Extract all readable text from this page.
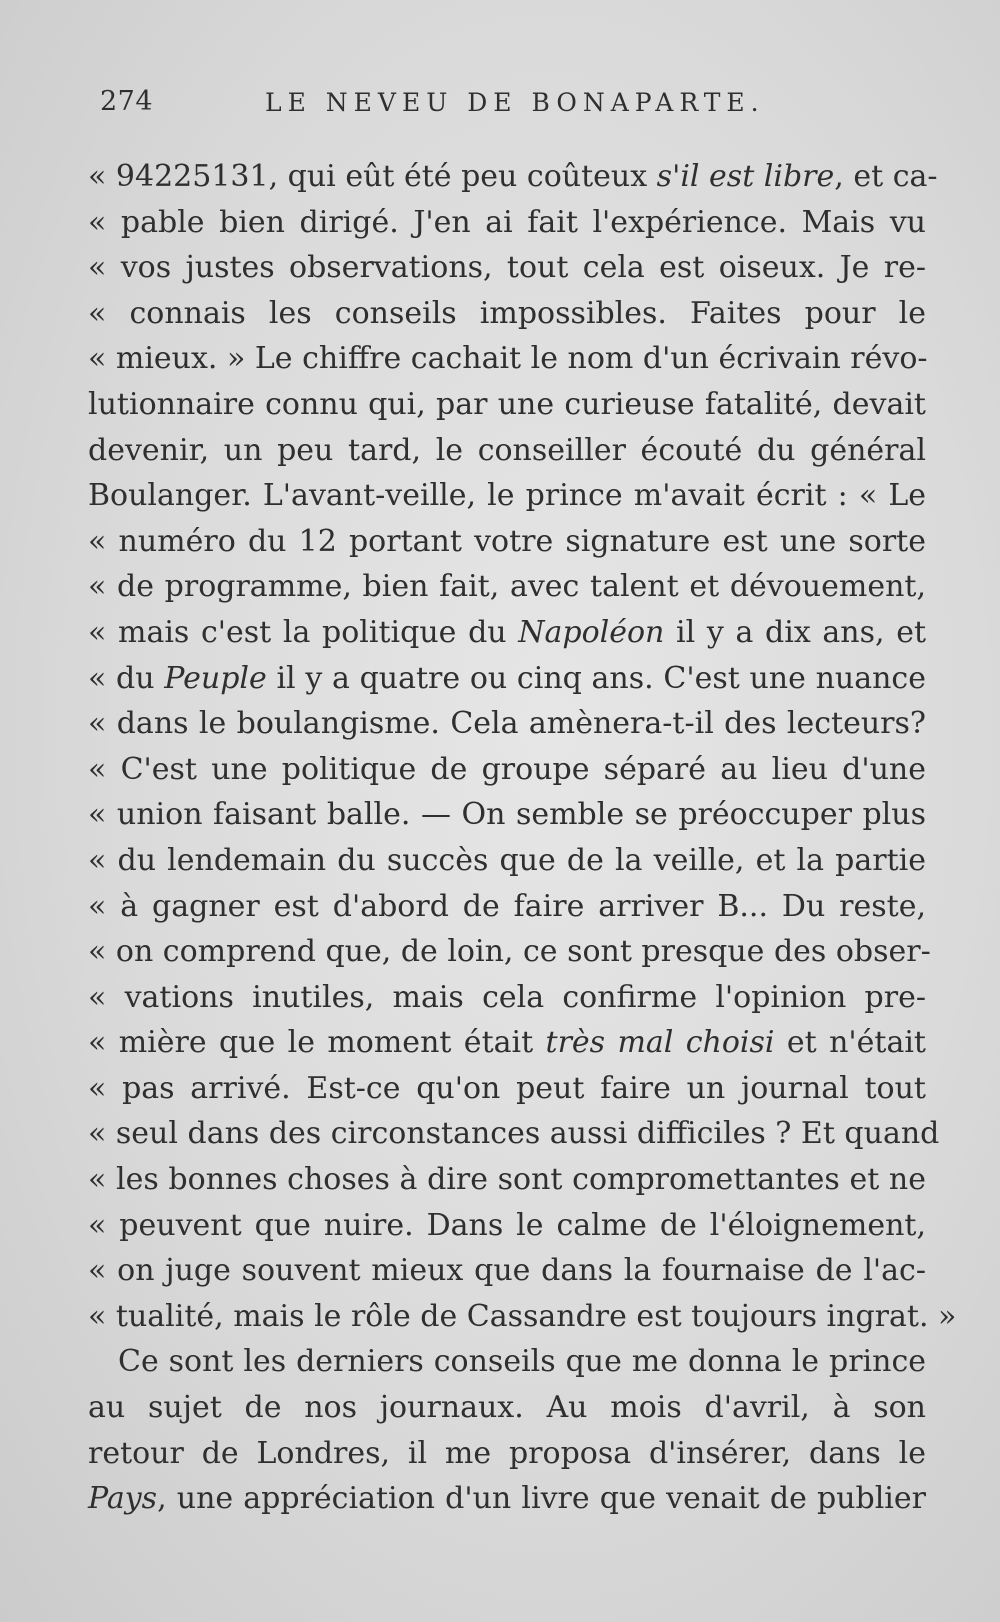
274	LE NEVEU DE BONAPARTE.
« 94225131, qui eût été peu coûteux s'il est libre, et ca-
« pable bien dirigé. J'en ai fait l'expérience. Mais vu
« vos justes observations, tout cela est oiseux. Je re-
« connais les conseils impossibles. Faites pour le
« mieux. » Le chiffre cachait le nom d'un écrivain révo-
lutionnaire connu qui, par une curieuse fatalité, devait
devenir, un peu tard, le conseiller écouté du général
Boulanger. L'avant-veille, le prince m'avait écrit : « Le
« numéro du 12 portant votre signature est une sorte
« de programme, bien fait, avec talent et dévouement,
« mais c'est la politique du Napoléon il y a dix ans, et
« du Peuple il y a quatre ou cinq ans. C'est une nuance
« dans le boulangisme. Cela amènera-t-il des lecteurs?
« C'est une politique de groupe séparé au lieu d'une
« union faisant balle. — On semble se préoccuper plus
« du lendemain du succès que de la veille, et la partie
« à gagner est d'abord de faire arriver B... Du reste,
« on comprend que, de loin, ce sont presque des obser-
« vations inutiles, mais cela confirme l'opinion pre-
« mière que le moment était très mal choisi et n'était
« pas arrivé. Est-ce qu'on peut faire un journal tout
« seul dans des circonstances aussi difficiles ? Et quand
« les bonnes choses à dire sont compromettantes et ne
« peuvent que nuire. Dans le calme de l'éloignement,
« on juge souvent mieux que dans la fournaise de l'ac-
« tualité, mais le rôle de Cassandre est toujours ingrat. »
Ce sont les derniers conseils que me donna le prince
au sujet de nos journaux. Au mois d'avril, à son
retour de Londres, il me proposa d'insérer, dans le
Pays, une appréciation d'un livre que venait de publier
